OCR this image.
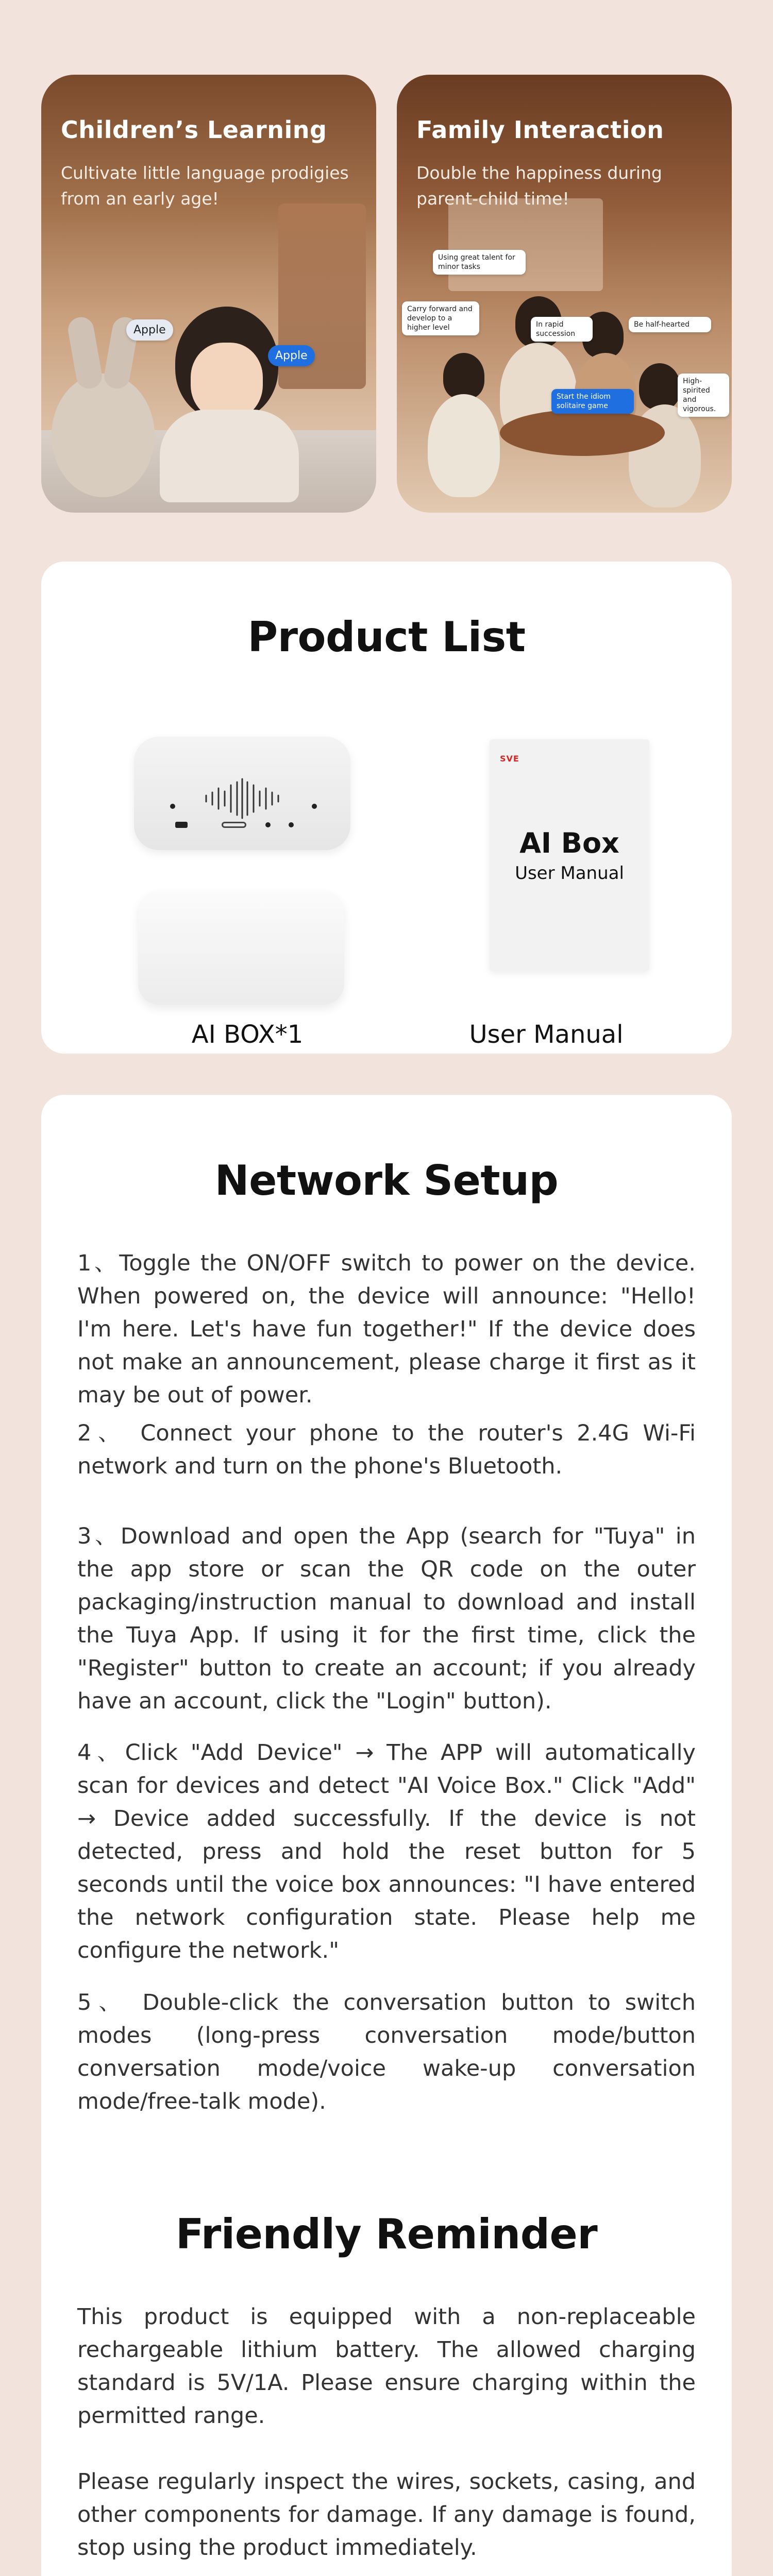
Children’s Learning
Cultivate little language prodigies from an early age!
Apple
Apple
Family Interaction
Double the happiness during parent-child time!
Using great talent for minor tasks
Carry forward and develop to a higher level	In rapid succession
Be half-hearted
Start the idiom solitaire game
High-spirited and vigorous.
Product List
AI BOX*1
SVE
AI Box
User Manual
User Manual
Network Setup

1、Toggle the ON/OFF switch to power on the device. When powered on, the device will announce: "Hello! I'm here. Let's have fun together!" If the device does not make an announcement, please charge it first as it may be out of power.

2、 Connect your phone to the router's 2.4G Wi-Fi network and turn on the phone's Bluetooth.

3、Download and open the App (search for "Tuya" in the app store or scan the QR code on the outer packaging/instruction manual to download and install the Tuya App. If using it for the first time, click the "Register" button to create an account; if you already have an account, click the "Login" button).

4、Click "Add Device" → The APP will automatically scan for devices and detect "AI Voice Box." Click "Add" → Device added successfully. If the device is not detected, press and hold the reset button for 5 seconds until the voice box announces: "I have entered the network configuration state. Please help me configure the network."

5、 Double-click the conversation button to switch modes (long-press conversation mode/button conversation mode/voice wake-up conversation mode/free-talk mode).

Friendly Reminder

This product is equipped with a non-replaceable rechargeable lithium battery. The allowed charging standard is 5V/1A. Please ensure charging within the permitted range.

Please regularly inspect the wires, sockets, casing, and other components for damage. If any damage is found, stop using the product immediately.
